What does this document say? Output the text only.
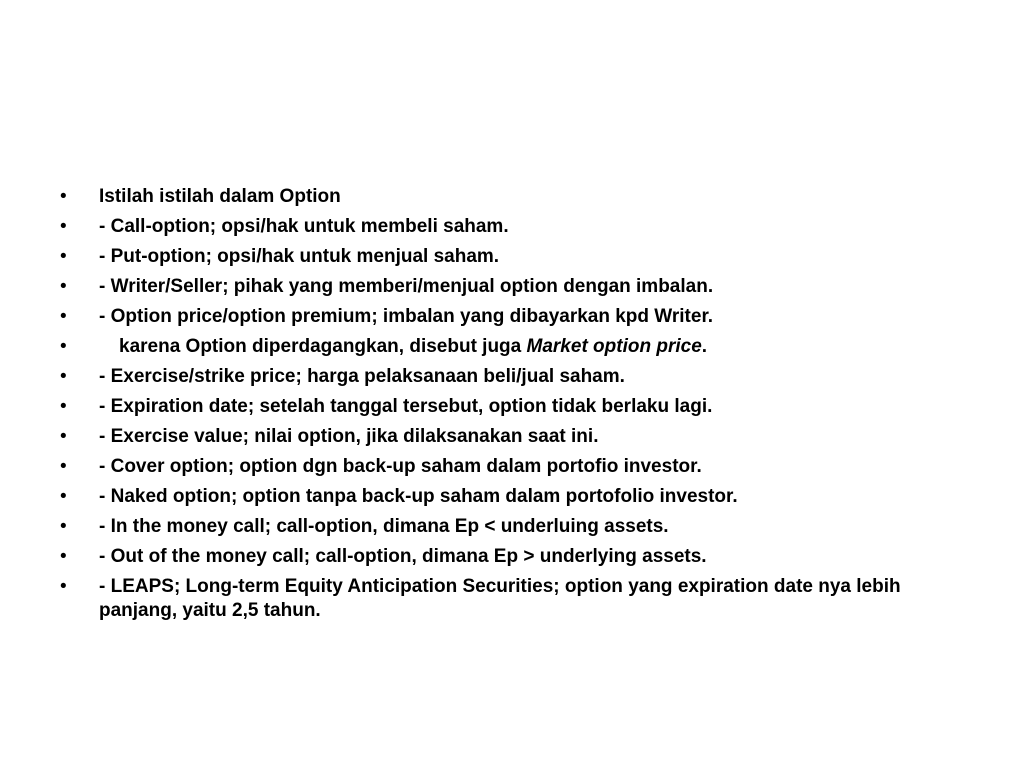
•	Istilah istilah dalam Option
•	- Call-option; opsi/hak untuk membeli saham.
•	- Put-option; opsi/hak untuk menjual saham.
•	- Writer/Seller; pihak yang memberi/menjual option dengan imbalan.
•	- Option price/option premium; imbalan yang dibayarkan kpd Writer.
•	karena Option diperdagangkan, disebut juga Market option price.
•	- Exercise/strike price; harga pelaksanaan beli/jual saham.
•	- Expiration date; setelah tanggal tersebut, option tidak berlaku lagi.
•	- Exercise value; nilai option, jika dilaksanakan saat ini.
•	- Cover option; option dgn back-up saham dalam portofio investor.
•	- Naked option; option tanpa back-up saham dalam portofolio investor.
•	- In the money call; call-option, dimana Ep < underluing assets.
•	- Out of the money call; call-option, dimana Ep > underlying assets.
•	- LEAPS; Long-term Equity Anticipation Securities; option yang expiration date nya lebih panjang, yaitu 2,5 tahun.
